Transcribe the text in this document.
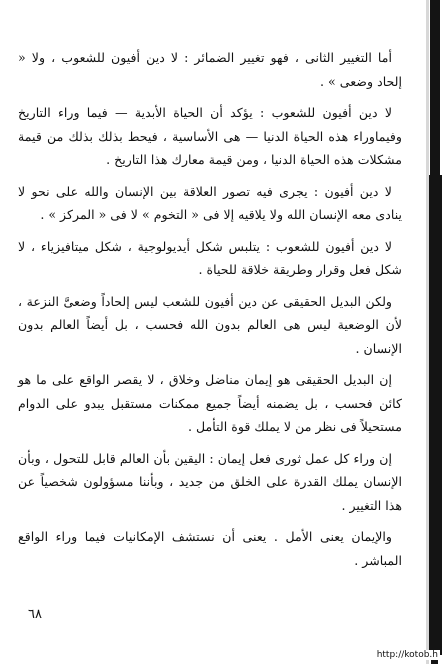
أما التغيير الثانى ، فهو تغيير الضمائر : لا دين أفيون للشعوب ، ولا « إلحاد وضعى » .

لا دين أفيون للشعوب : يؤكد أن الحياة الأبدية — فيما وراء التاريخ وفيماوراء هذه الحياة الدنيا — هى الأساسية ، فيحط بذلك بذلك من قيمة مشكلات هذه الحياة الدنيا ، ومن قيمة معارك هذا التاريخ .

لا دين أفيون : يجرى فيه تصور العلاقة بين الإنسان والله على نحو لا ينادى معه الإنسان الله ولا يلاقيه إلا فى « التخوم » لا فى « المركز » .

لا دين أفيون للشعوب : يتلبس شكل أيديولوجية ، شكل ميتافيزياء ، لا شكل فعل وقرار وطريقة خلاقة للحياة .

ولكن البديل الحقيقى عن دين أفيون للشعب ليس إلحاداً وضعىَّ النزعة ، لأن الوضعية ليس هى العالم بدون الله فحسب ، بل أيضاً العالم بدون الإنسان .

إن البديل الحقيقى هو إيمان مناضل وخلاق ، لا يقصر الواقع على ما هو كائن فحسب ، بل يضمنه أيضاً جميع ممكنات مستقبل يبدو على الدوام مستحيلاً فى نظر من لا يملك قوة التأمل .

إن وراء كل عمل ثورى فعل إيمان : اليقين بأن العالم قابل للتحول ، وبأن الإنسان يملك القدرة على الخلق من جديد ، وبأننا مسؤولون شخصياً عن هذا التغيير .

والإيمان يعنى الأمل . يعنى أن نستشف الإمكانيات فيما وراء الواقع المباشر .

٦٨
http://kotob.h
